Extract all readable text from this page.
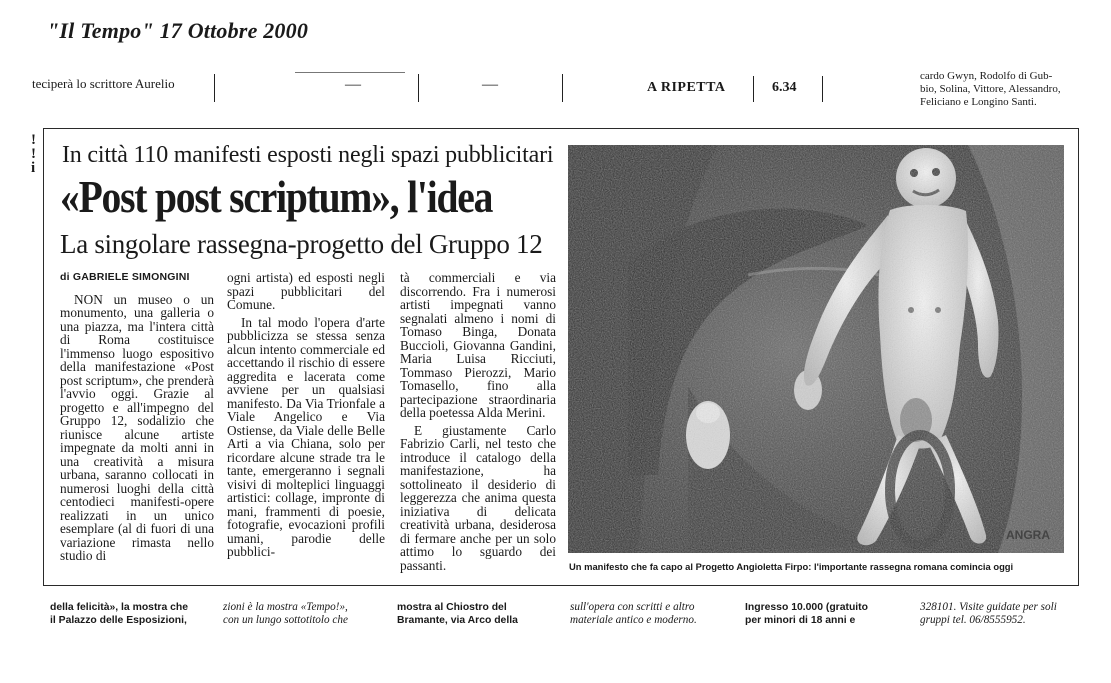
"Il Tempo" 17 Ottobre 2000
teciperà lo scrittore Aurelio	—	—	A RIPETTA	6.34
cardo Gwyn, Rodolfo di Gub-
bio, Solina, Vittore, Alessandro,
Feliciano e Longino Santi.
!
!
i In città 110 manifesti esposti negli spazi pubblicitari
«Post post scriptum», l'idea
La singolare rassegna-progetto del Gruppo 12

di GABRIELE SIMONGINI

NON un museo o un monumento, una galleria o una piazza, ma l'intera città di Roma costituisce l'immenso luogo espositivo della manifestazione «Post post scriptum», che prenderà l'avvio oggi. Grazie al progetto e all'impegno del Gruppo 12, sodalizio che riunisce alcune artiste impegnate da molti anni in una creatività a misura urbana, saranno collocati in numerosi luoghi della città centodieci manifesti-opere realizzati in un unico esemplare (al di fuori di una variazione rimasta nello studio di

ogni artista) ed esposti negli spazi pubblicitari del Comune.

In tal modo l'opera d'arte pubblicizza se stessa senza alcun intento commerciale ed accettando il rischio di essere aggredita e lacerata come avviene per un qualsiasi manifesto. Da Via Trionfale a Viale Angelico e Via Ostiense, da Viale delle Belle Arti a via Chiana, solo per ricordare alcune strade tra le tante, emergeranno i segnali visivi di molteplici linguaggi artistici: collage, impronte di mani, frammenti di poesie, fotografie, evocazioni profili umani, parodie delle pubblici-

tà commerciali e via discorrendo. Fra i numerosi artisti impegnati vanno segnalati almeno i nomi di Tomaso Binga, Donata Buccioli, Giovanna Gandini, Maria Luisa Ricciuti, Tommaso Pierozzi, Mario Tomasello, fino alla partecipazione straordinaria della poetessa Alda Merini.

E giustamente Carlo Fabrizio Carli, nel testo che introduce il catalogo della manifestazione, ha sottolineato il desiderio di leggerezza che anima questa iniziativa di delicata creatività urbana, desiderosa di fermare anche per un solo attimo lo sguardo dei passanti.

ANGRA
Un manifesto che fa capo al Progetto Angioletta Firpo: l'importante rassegna romana comincia oggi
della felicità», la mostra che
il Palazzo delle Esposizioni,
zioni è la mostra «Tempo!»,
con un lungo sottotitolo che
mostra al Chiostro del
Bramante, via Arco della
sull'opera con scritti e altro
materiale antico e moderno.
Ingresso 10.000 (gratuito
per minori di 18 anni e
328101. Visite guidate per soli
gruppi tel. 06/8555952.
